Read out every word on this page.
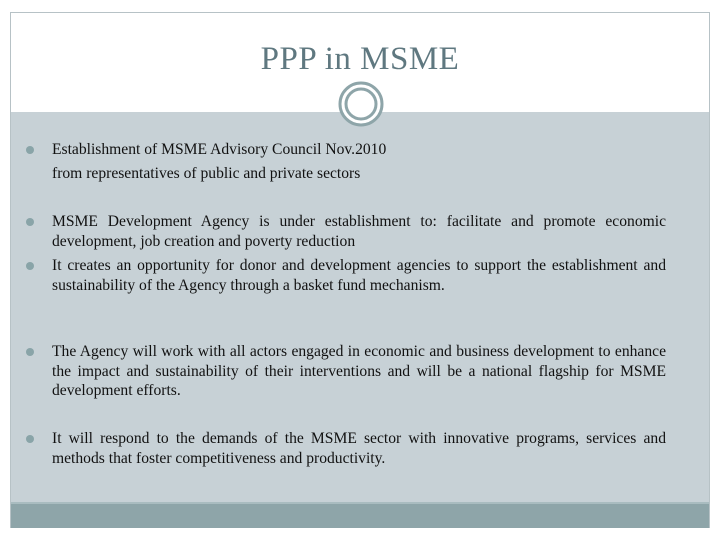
PPP in MSME
Establishment of MSME Advisory Council Nov.2010
from representatives of public and private sectors
MSME Development Agency is under establishment to: facilitate and promote economic development, job creation and poverty reduction
It creates an opportunity for donor and development agencies to support the establishment and sustainability of the Agency through a basket fund mechanism.
The Agency will work with all actors engaged in economic and business development to enhance the impact and sustainability of their interventions and will be a national flagship for MSME development efforts.
It will respond to the demands of the MSME sector with innovative programs, services and methods that foster competitiveness and productivity.
